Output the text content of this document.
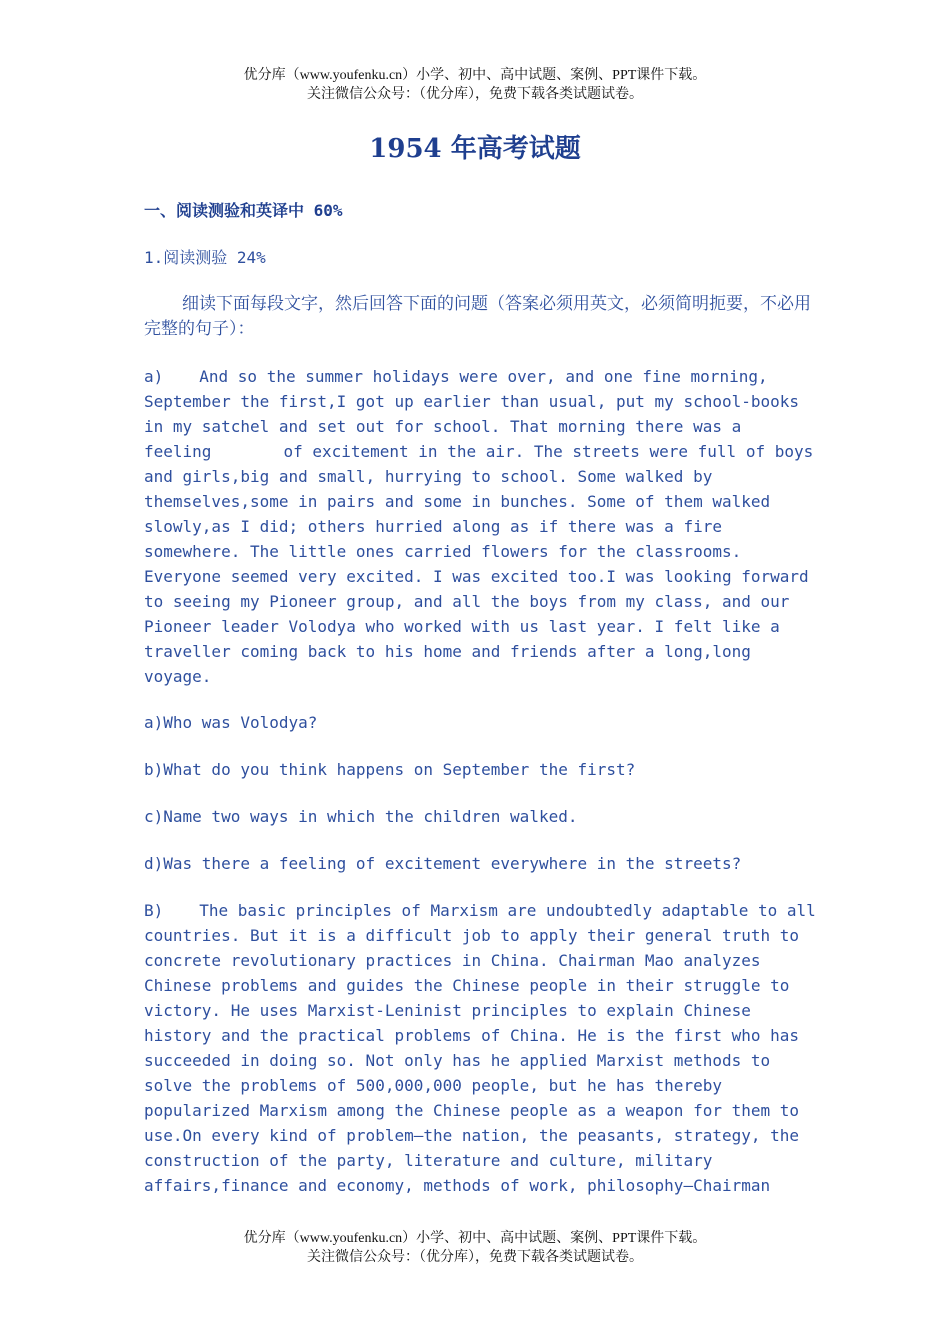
优分库（www.youfenku.cn）小学、初中、高中试题、案例、PPT课件下载。
关注微信公众号：（优分库），免费下载各类试题试卷。
1954 年高考试题
一、阅读测验和英译中 60%
1.阅读测验 24%
细读下面每段文字，然后回答下面的问题（答案必须用英文，必须简明扼要，不必用完整的句子）：
a) And so the summer holidays were over, and one fine morning, September the first,I got up earlier than usual, put my school-books in my satchel and set out for school. That morning there was a feeling	of excitement in the air. The streets were full of boys and girls,big and small, hurrying to school. Some walked by themselves,some in pairs and some in bunches. Some of them walked slowly,as I did; others hurried along as if there was a fire somewhere. The little ones carried flowers for the classrooms. Everyone seemed very excited. I was excited too.I was looking forward to seeing my Pioneer group, and all the boys from my class, and our Pioneer leader Volodya who worked with us last year. I felt like a traveller coming back to his home and friends after a long,long voyage.
a)Who was Volodya?
b)What do you think happens on September the first?
c)Name two ways in which the children walked.
d)Was there a feeling of excitement everywhere in the streets?
B) The basic principles of Marxism are undoubtedly adaptable to all countries. But it is a difficult job to apply their general truth to concrete revolutionary practices in China. Chairman Mao analyzes Chinese problems and guides the Chinese people in their struggle to victory. He uses Marxist-Leninist principles to explain Chinese history and the practical problems of China. He is the first who has succeeded in doing so. Not only has he applied Marxist methods to solve the problems of 500,000,000 people, but he has thereby popularized Marxism among the Chinese people as a weapon for them to use.On every kind of problem—the nation, the peasants, strategy, the construction of the party, literature and culture, military affairs,finance and economy, methods of work, philosophy—Chairman
优分库（www.youfenku.cn）小学、初中、高中试题、案例、PPT课件下载。
关注微信公众号：（优分库），免费下载各类试题试卷。
